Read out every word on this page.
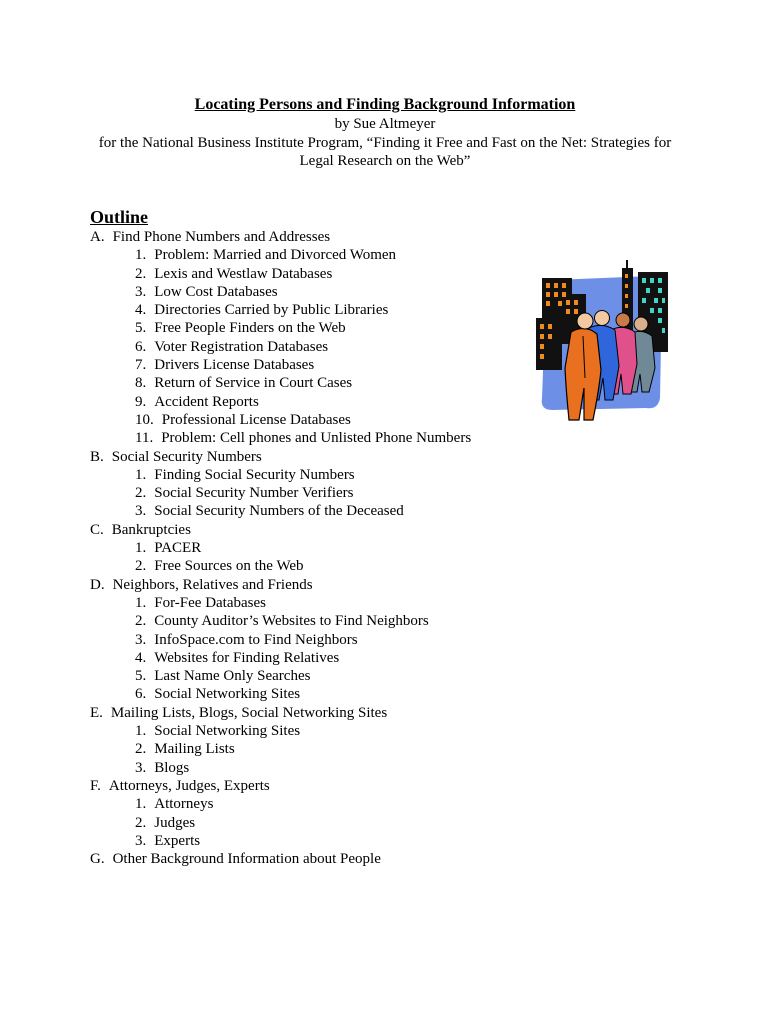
Locating Persons and Finding Background Information
by Sue Altmeyer
for the National Business Institute Program, “Finding it Free and Fast on the Net: Strategies for
Legal Research on the Web”
Outline
A. Find Phone Numbers and Addresses
1. Problem: Married and Divorced Women
2. Lexis and Westlaw Databases
3. Low Cost Databases
4. Directories Carried by Public Libraries
5. Free People Finders on the Web
6. Voter Registration Databases
7. Drivers License Databases
8. Return of Service in Court Cases
9. Accident Reports
10. Professional License Databases
11. Problem: Cell phones and Unlisted Phone Numbers
B. Social Security Numbers
1. Finding Social Security Numbers
2. Social Security Number Verifiers
3. Social Security Numbers of the Deceased
C. Bankruptcies
1. PACER
2. Free Sources on the Web
D. Neighbors, Relatives and Friends
1. For-Fee Databases
2. County Auditor’s Websites to Find Neighbors
3. InfoSpace.com to Find Neighbors
4. Websites for Finding Relatives
5. Last Name Only Searches
6. Social Networking Sites
E. Mailing Lists, Blogs, Social Networking Sites
1. Social Networking Sites
2. Mailing Lists
3. Blogs
F. Attorneys, Judges, Experts
1. Attorneys
2. Judges
3. Experts
G. Other Background Information about People
